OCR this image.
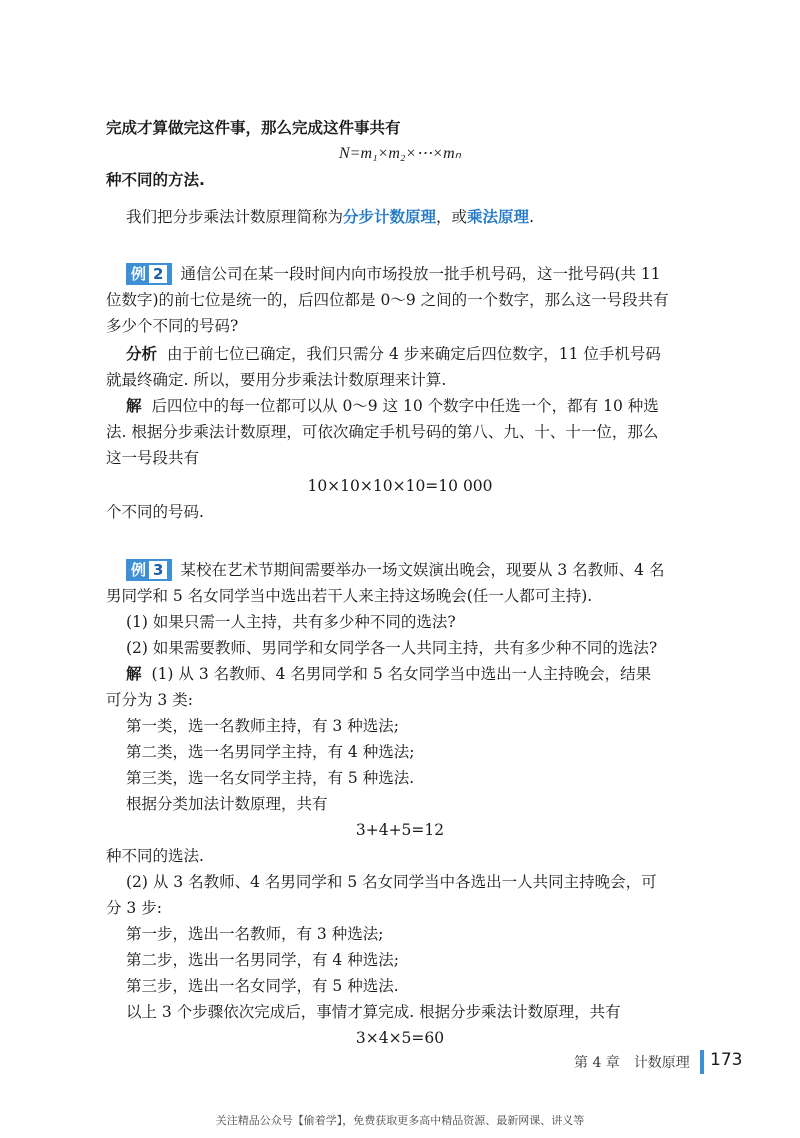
完成才算做完这件事，那么完成这件事共有
N=m₁×m₂×⋯×mₙ
种不同的方法.
我们把分步乘法计数原理简称为分步计数原理，或乘法原理.
例 2 通信公司在某一段时间内向市场投放一批手机号码，这一批号码(共 11
位数字)的前七位是统一的，后四位都是 0～9 之间的一个数字，那么这一号段共有
多少个不同的号码?
分析 由于前七位已确定，我们只需分 4 步来确定后四位数字，11 位手机号码
就最终确定. 所以，要用分步乘法计数原理来计算.
解 后四位中的每一位都可以从 0～9 这 10 个数字中任选一个，都有 10 种选
法. 根据分步乘法计数原理，可依次确定手机号码的第八、九、十、十一位，那么
这一号段共有
10×10×10×10=10 000
个不同的号码.
例 3 某校在艺术节期间需要举办一场文娱演出晚会，现要从 3 名教师、4 名
男同学和 5 名女同学当中选出若干人来主持这场晚会(任一人都可主持).
(1) 如果只需一人主持，共有多少种不同的选法?
(2) 如果需要教师、男同学和女同学各一人共同主持，共有多少种不同的选法?
解 (1) 从 3 名教师、4 名男同学和 5 名女同学当中选出一人主持晚会，结果
可分为 3 类:
第一类，选一名教师主持，有 3 种选法;
第二类，选一名男同学主持，有 4 种选法;
第三类，选一名女同学主持，有 5 种选法.
根据分类加法计数原理，共有
3+4+5=12
种不同的选法.
(2) 从 3 名教师、4 名男同学和 5 名女同学当中各选出一人共同主持晚会，可
分 3 步:
第一步，选出一名教师，有 3 种选法;
第二步，选出一名男同学，有 4 种选法;
第三步，选出一名女同学，有 5 种选法.
以上 3 个步骤依次完成后，事情才算完成. 根据分步乘法计数原理，共有
3×4×5=60
第 4 章　计数原理 173
关注精品公众号【偷着学】，免费获取更多高中精品资源、最新网课、讲义等
